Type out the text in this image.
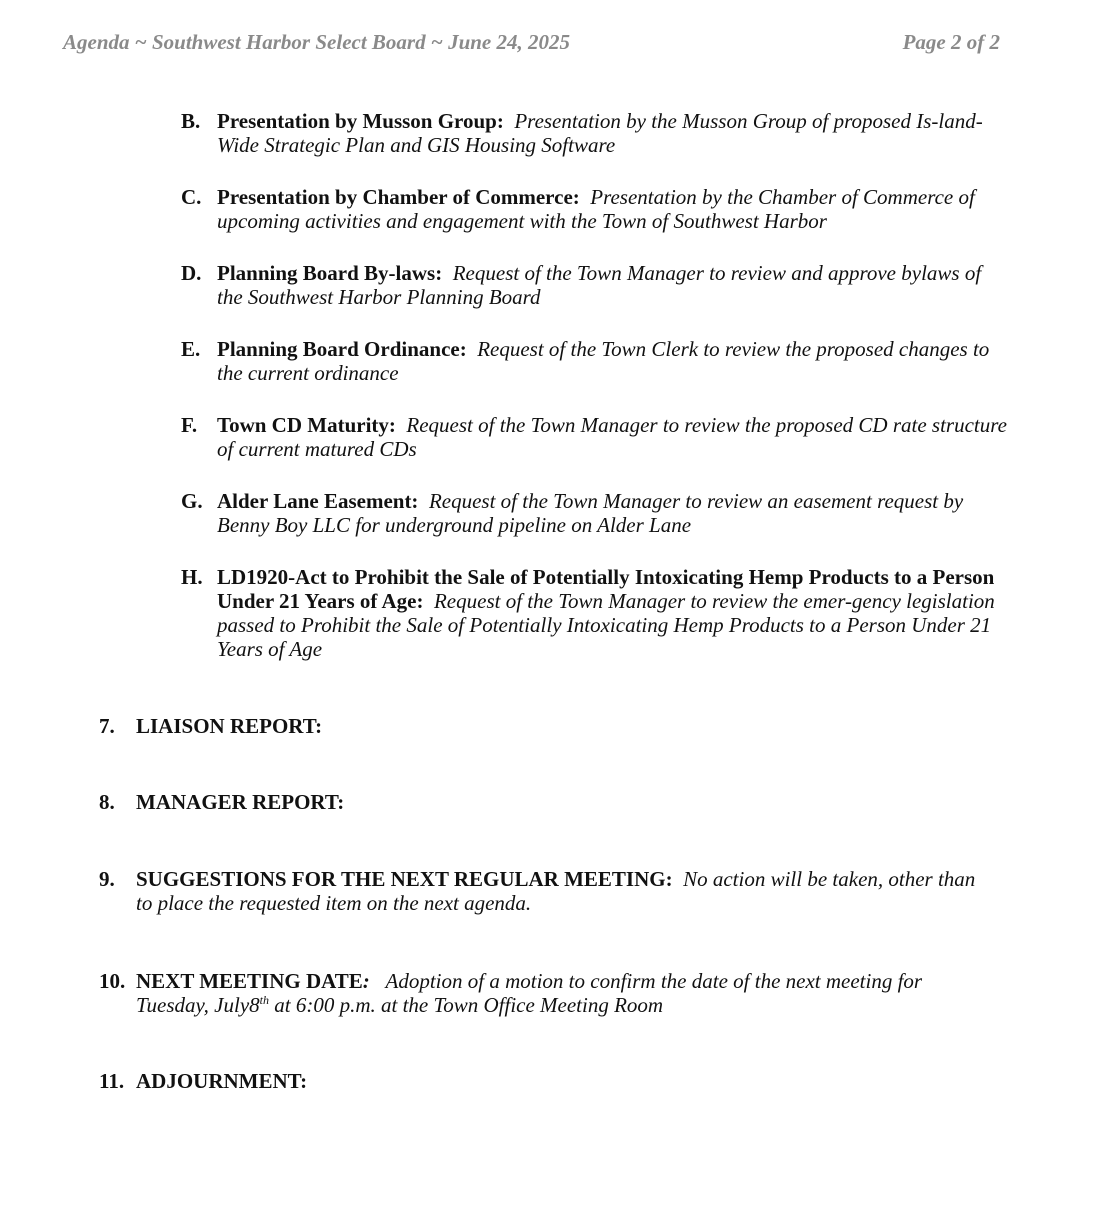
Agenda ~ Southwest Harbor Select Board ~ June 24, 2025	Page 2 of 2
B. Presentation by Musson Group: Presentation by the Musson Group of proposed Is-land-Wide Strategic Plan and GIS Housing Software
C. Presentation by Chamber of Commerce: Presentation by the Chamber of Commerce of upcoming activities and engagement with the Town of Southwest Harbor
D. Planning Board By-laws: Request of the Town Manager to review and approve bylaws of the Southwest Harbor Planning Board
E. Planning Board Ordinance: Request of the Town Clerk to review the proposed changes to the current ordinance
F. Town CD Maturity: Request of the Town Manager to review the proposed CD rate structure of current matured CDs
G. Alder Lane Easement: Request of the Town Manager to review an easement request by Benny Boy LLC for underground pipeline on Alder Lane
H. LD1920-Act to Prohibit the Sale of Potentially Intoxicating Hemp Products to a Person Under 21 Years of Age: Request of the Town Manager to review the emer-gency legislation passed to Prohibit the Sale of Potentially Intoxicating Hemp Products to a Person Under 21 Years of Age
7. LIAISON REPORT:
8. MANAGER REPORT:
9. SUGGESTIONS FOR THE NEXT REGULAR MEETING: No action will be taken, other than to place the requested item on the next agenda.
10. NEXT MEETING DATE: Adoption of a motion to confirm the date of the next meeting for Tuesday, July8th at 6:00 p.m. at the Town Office Meeting Room
11. ADJOURNMENT:
